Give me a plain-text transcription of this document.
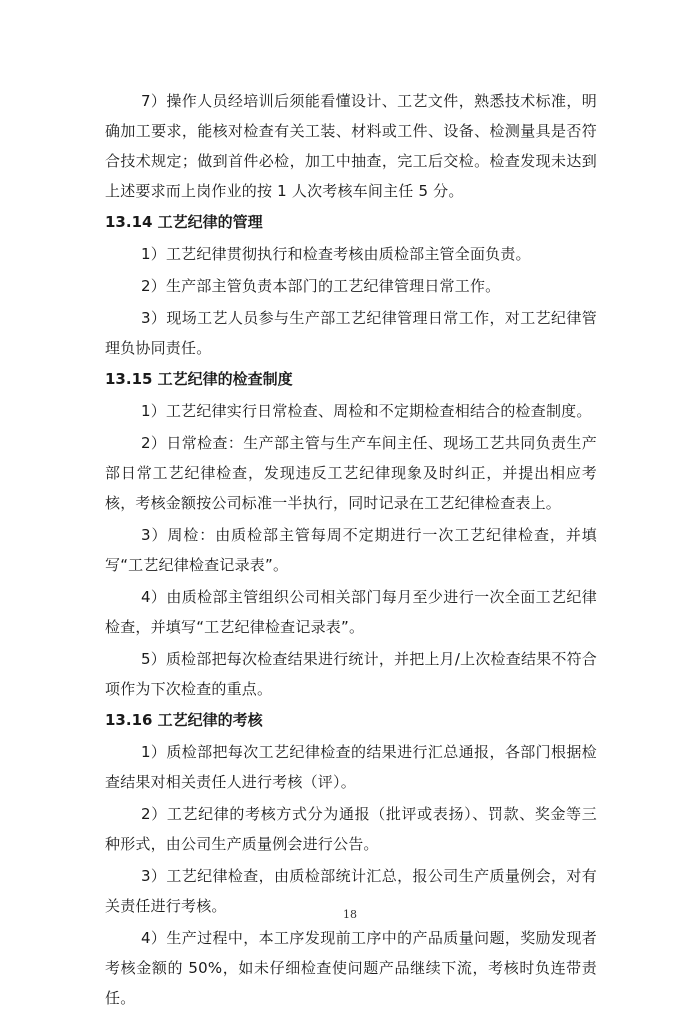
7）操作人员经培训后须能看懂设计、工艺文件，熟悉技术标准，明确加工要求，能核对检查有关工装、材料或工件、设备、检测量具是否符合技术规定；做到首件必检，加工中抽查，完工后交检。检查发现未达到上述要求而上岗作业的按 1 人次考核车间主任 5 分。

13.14 工艺纪律的管理

1）工艺纪律贯彻执行和检查考核由质检部主管全面负责。

2）生产部主管负责本部门的工艺纪律管理日常工作。

3）现场工艺人员参与生产部工艺纪律管理日常工作，对工艺纪律管理负协同责任。

13.15 工艺纪律的检查制度

1）工艺纪律实行日常检查、周检和不定期检查相结合的检查制度。

2）日常检查：生产部主管与生产车间主任、现场工艺共同负责生产部日常工艺纪律检查，发现违反工艺纪律现象及时纠正，并提出相应考核，考核金额按公司标准一半执行，同时记录在工艺纪律检查表上。

3）周检：由质检部主管每周不定期进行一次工艺纪律检查，并填写“工艺纪律检查记录表”。

4）由质检部主管组织公司相关部门每月至少进行一次全面工艺纪律检查，并填写“工艺纪律检查记录表”。

5）质检部把每次检查结果进行统计，并把上月/上次检查结果不符合项作为下次检查的重点。

13.16 工艺纪律的考核

1）质检部把每次工艺纪律检查的结果进行汇总通报，各部门根据检查结果对相关责任人进行考核（评）。

2）工艺纪律的考核方式分为通报（批评或表扬）、罚款、奖金等三种形式，由公司生产质量例会进行公告。

3）工艺纪律检查，由质检部统计汇总，报公司生产质量例会，对有关责任进行考核。

4）生产过程中，本工序发现前工序中的产品质量问题，奖励发现者考核金额的 50%，如未仔细检查使问题产品继续下流，考核时负连带责任。

18
